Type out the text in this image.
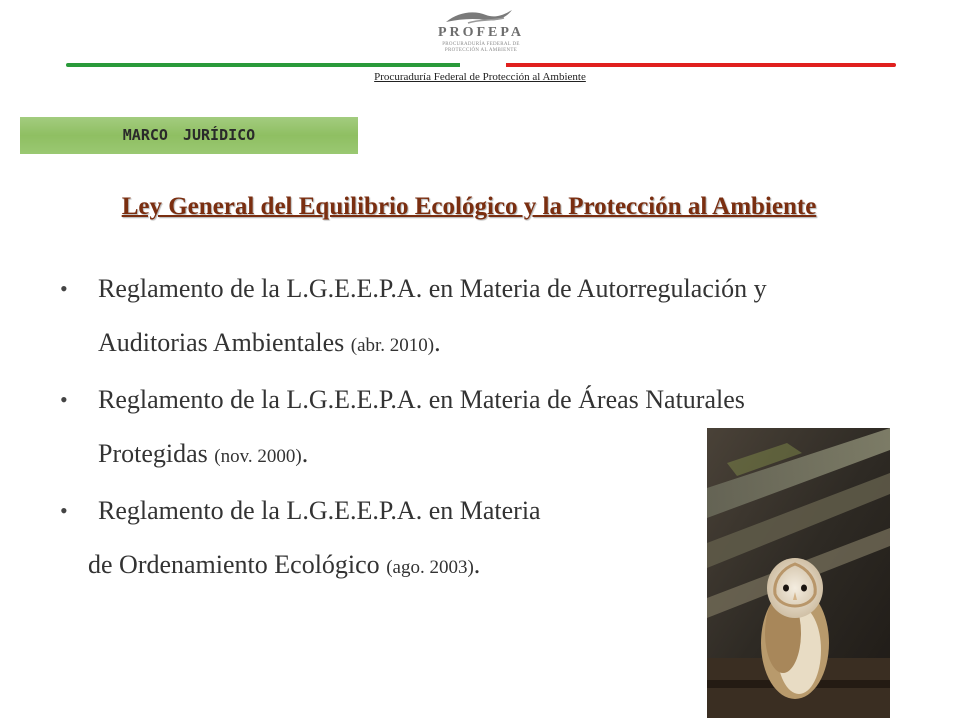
PROFEPA
PROCURADURÍA FEDERAL DE
PROTECCIÓN AL AMBIENTE
Procuraduría Federal de Protección al Ambiente
MARCO JURÍDICO
Ley General del Equilibrio Ecológico y la Protección al Ambiente
•	Reglamento de la L.G.E.E.P.A. en Materia de Autorregulación y
Auditorias Ambientales (abr. 2010).
•	Reglamento de la L.G.E.E.P.A. en Materia de Áreas Naturales
Protegidas (nov. 2000).
•	Reglamento de la L.G.E.E.P.A. en Materia
de Ordenamiento Ecológico (ago. 2003).
